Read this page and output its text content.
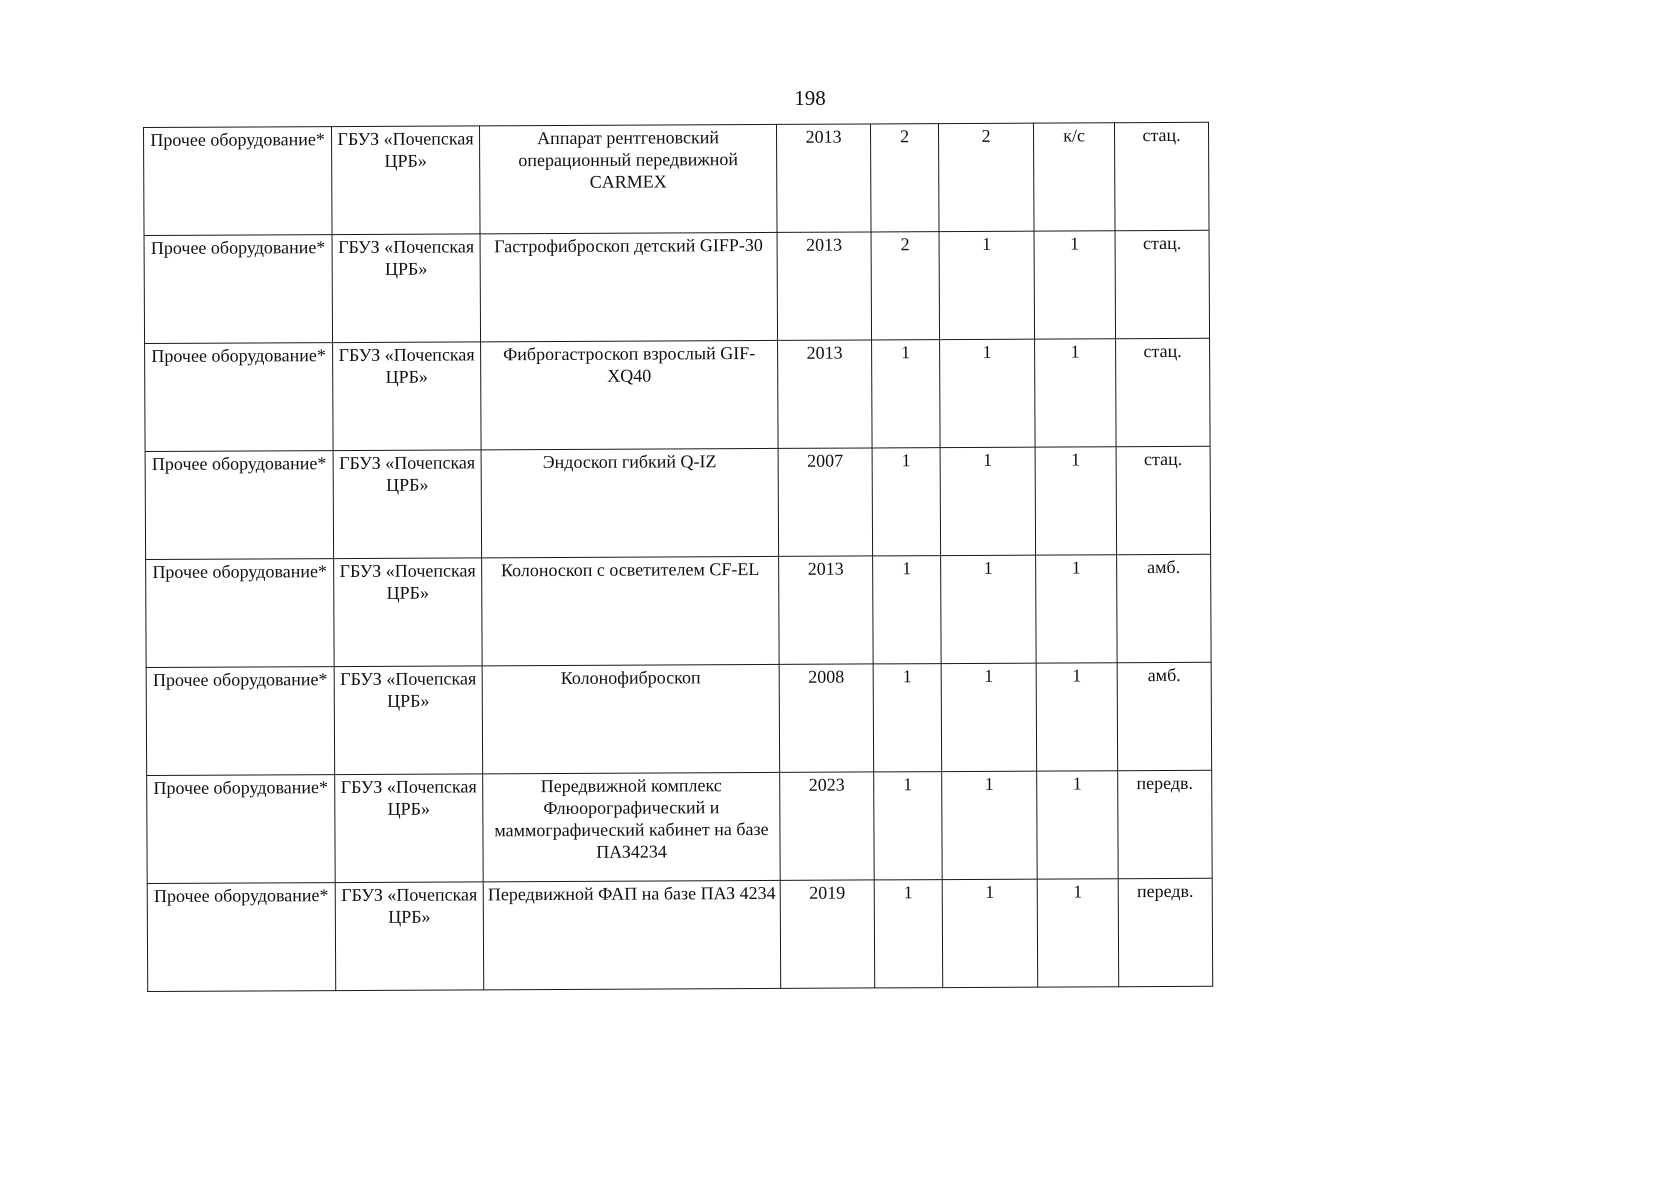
198
Прочее оборудование*	ГБУЗ «Почепская ЦРБ»	Аппарат рентгеновский операционный передвижной CARMEX	2013	2	2	к/с	стац.
Прочее оборудование*	ГБУЗ «Почепская ЦРБ»	Гастрофиброскоп детский GIFP-30	2013	2	1	1	стац.
Прочее оборудование*	ГБУЗ «Почепская ЦРБ»	Фиброгастроскоп взрослый GIF-XQ40	2013	1	1	1	стац.
Прочее оборудование*	ГБУЗ «Почепская ЦРБ»	Эндоскоп гибкий Q-IZ	2007	1	1	1	стац.
Прочее оборудование*	ГБУЗ «Почепская ЦРБ»	Колоноскоп с осветителем CF-EL	2013	1	1	1	амб.
Прочее оборудование*	ГБУЗ «Почепская ЦРБ»	Колонофиброскоп	2008	1	1	1	амб.
Прочее оборудование*	ГБУЗ «Почепская ЦРБ»	Передвижной комплекс Флюорографический и маммографический кабинет на базе ПАЗ4234	2023	1	1	1	передв.
Прочее оборудование*	ГБУЗ «Почепская ЦРБ»	Передвижной ФАП на базе ПАЗ 4234	2019	1	1	1	передв.
